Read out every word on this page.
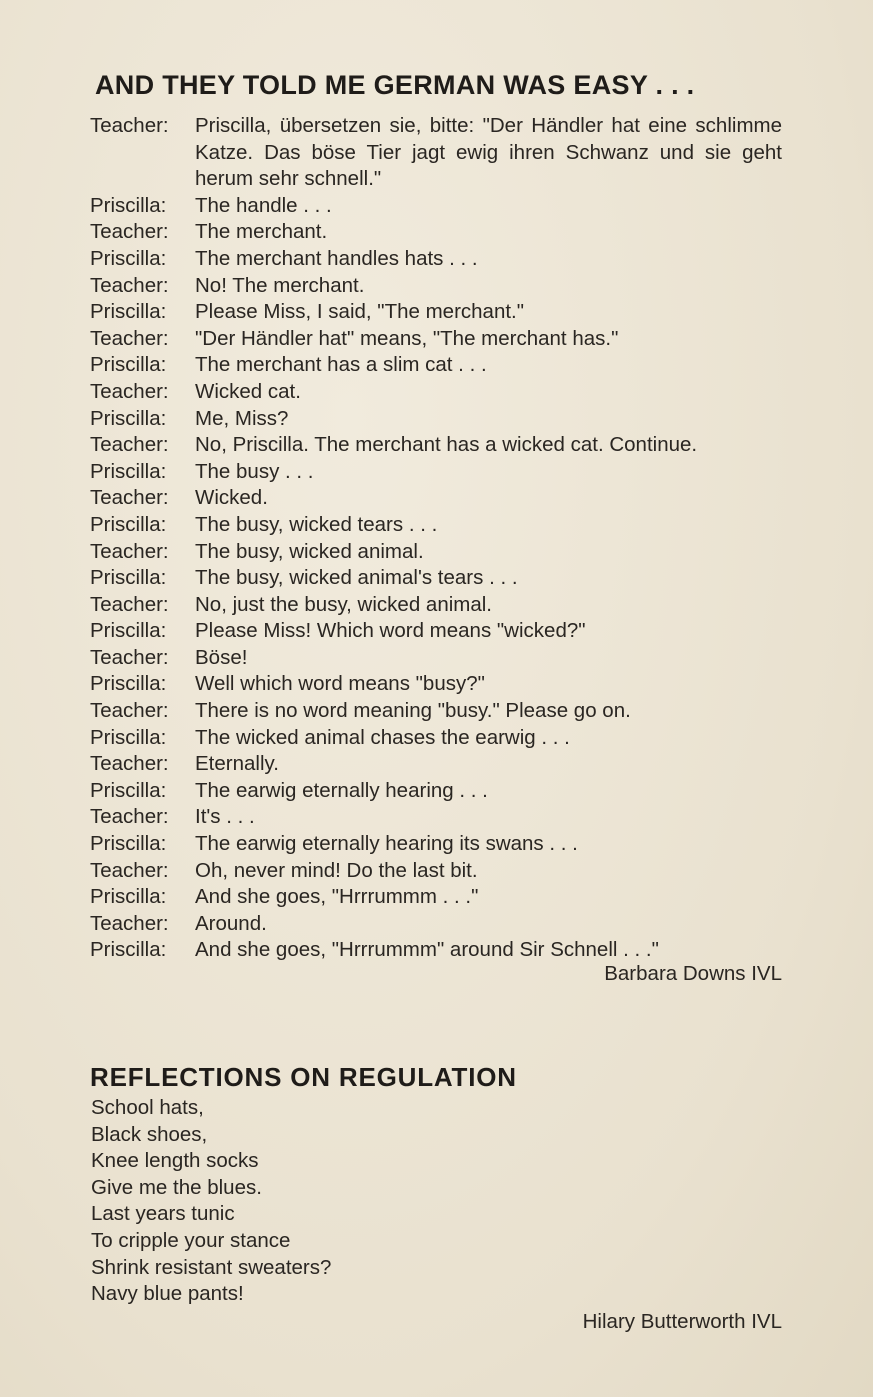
AND THEY TOLD ME GERMAN WAS EASY . . .
Teacher:	Priscilla, übersetzen sie, bitte: "Der Händler hat eine schlimme Katze. Das böse Tier jagt ewig ihren Schwanz und sie geht herum sehr schnell."
Priscilla:	The handle . . .
Teacher:	The merchant.
Priscilla:	The merchant handles hats . . .
Teacher:	No! The merchant.
Priscilla:	Please Miss, I said, "The merchant."
Teacher:	"Der Händler hat" means, "The merchant has."
Priscilla:	The merchant has a slim cat . . .
Teacher:	Wicked cat.
Priscilla:	Me, Miss?
Teacher:	No, Priscilla. The merchant has a wicked cat. Continue.
Priscilla:	The busy . . .
Teacher:	Wicked.
Priscilla:	The busy, wicked tears . . .
Teacher:	The busy, wicked animal.
Priscilla:	The busy, wicked animal's tears . . .
Teacher:	No, just the busy, wicked animal.
Priscilla:	Please Miss! Which word means "wicked?"
Teacher:	Böse!
Priscilla:	Well which word means "busy?"
Teacher:	There is no word meaning "busy." Please go on.
Priscilla:	The wicked animal chases the earwig . . .
Teacher:	Eternally.
Priscilla:	The earwig eternally hearing . . .
Teacher:	It's . . .
Priscilla:	The earwig eternally hearing its swans . . .
Teacher:	Oh, never mind! Do the last bit.
Priscilla:	And she goes, "Hrrrummm . . ."
Teacher:	Around.
Priscilla:	And she goes, "Hrrrummm" around Sir Schnell . . ."
Barbara Downs IVL
REFLECTIONS ON REGULATION
School hats,
Black shoes,
Knee length socks
Give me the blues.
Last years tunic
To cripple your stance
Shrink resistant sweaters?
Navy blue pants!
Hilary Butterworth IVL
